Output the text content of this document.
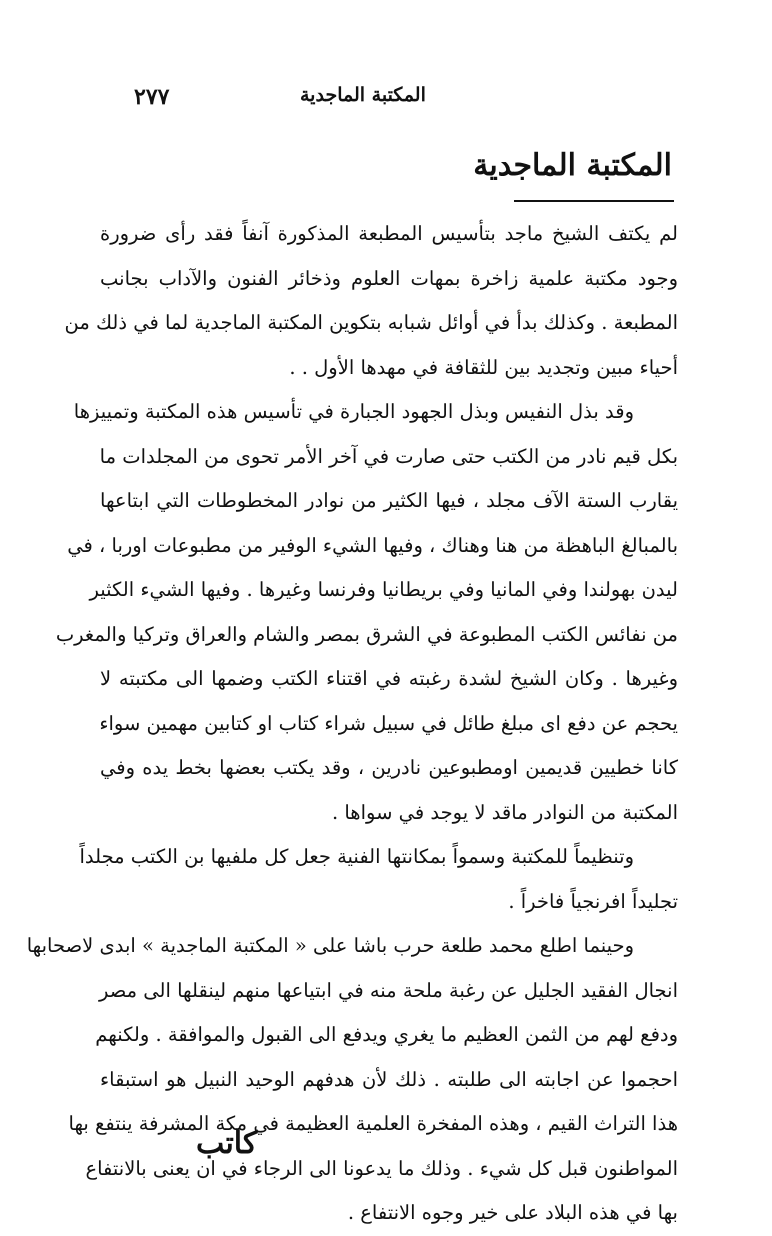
٢٧٧	المكتبة الماجدية
المكتبة الماجدية
لم يكتف الشيخ ماجد بتأسيس المطبعة المذكورة آنفاً فقد رأى ضرورة
وجود مكتبة علمية زاخرة بمهات العلوم وذخائر الفنون والآداب بجانب
المطبعة . وكذلك بدأ في أوائل شبابه بتكوين المكتبة الماجدية لما في ذلك من
أحياء مبين وتجديد بين للثقافة في مهدها الأول . .
وقد بذل النفيس وبذل الجهود الجبارة في تأسيس هذه المكتبة وتمييزها
بكل قيم نادر من الكتب حتى صارت في آخر الأمر تحوى من المجلدات ما
يقارب الستة الآف مجلد ، فيها الكثير من نوادر المخطوطات التي ابتاعها
بالمبالغ الباهظة من هنا وهناك ، وفيها الشيء الوفير من مطبوعات اوربا ، في
ليدن بهولندا وفي المانيا وفي بريطانيا وفرنسا وغيرها . وفيها الشيء الكثير
من نفائس الكتب المطبوعة في الشرق بمصر والشام والعراق وتركيا والمغرب
وغيرها . وكان الشيخ لشدة رغبته في اقتناء الكتب وضمها الى مكتبته لا
يحجم عن دفع اى مبلغ طائل في سبيل شراء كتاب او كتابين مهمين سواء
كانا خطيين قديمين اومطبوعين نادرين ، وقد يكتب بعضها بخط يده وفي
المكتبة من النوادر ماقد لا يوجد في سواها .
وتنظيماً للمكتبة وسمواً بمكانتها الفنية جعل كل ملفيها بن الكتب مجلداً
تجليداً افرنجياً فاخراً .
وحينما اطلع محمد طلعة حرب باشا على « المكتبة الماجدية » ابدى لاصحابها
انجال الفقيد الجليل عن رغبة ملحة منه في ابتياعها منهم لينقلها الى مصر
ودفع لهم من الثمن العظيم ما يغري ويدفع الى القبول والموافقة . ولكنهم
احجموا عن اجابته الى طلبته . ذلك لأن هدفهم الوحيد النبيل هو استبقاء
هذا التراث القيم ، وهذه المفخرة العلمية العظيمة في مكة المشرفة ينتفع بها
المواطنون قبل كل شيء . وذلك ما يدعونا الى الرجاء في ان يعنى بالانتفاع
بها في هذه البلاد على خير وجوه الانتفاع .
كاتب
